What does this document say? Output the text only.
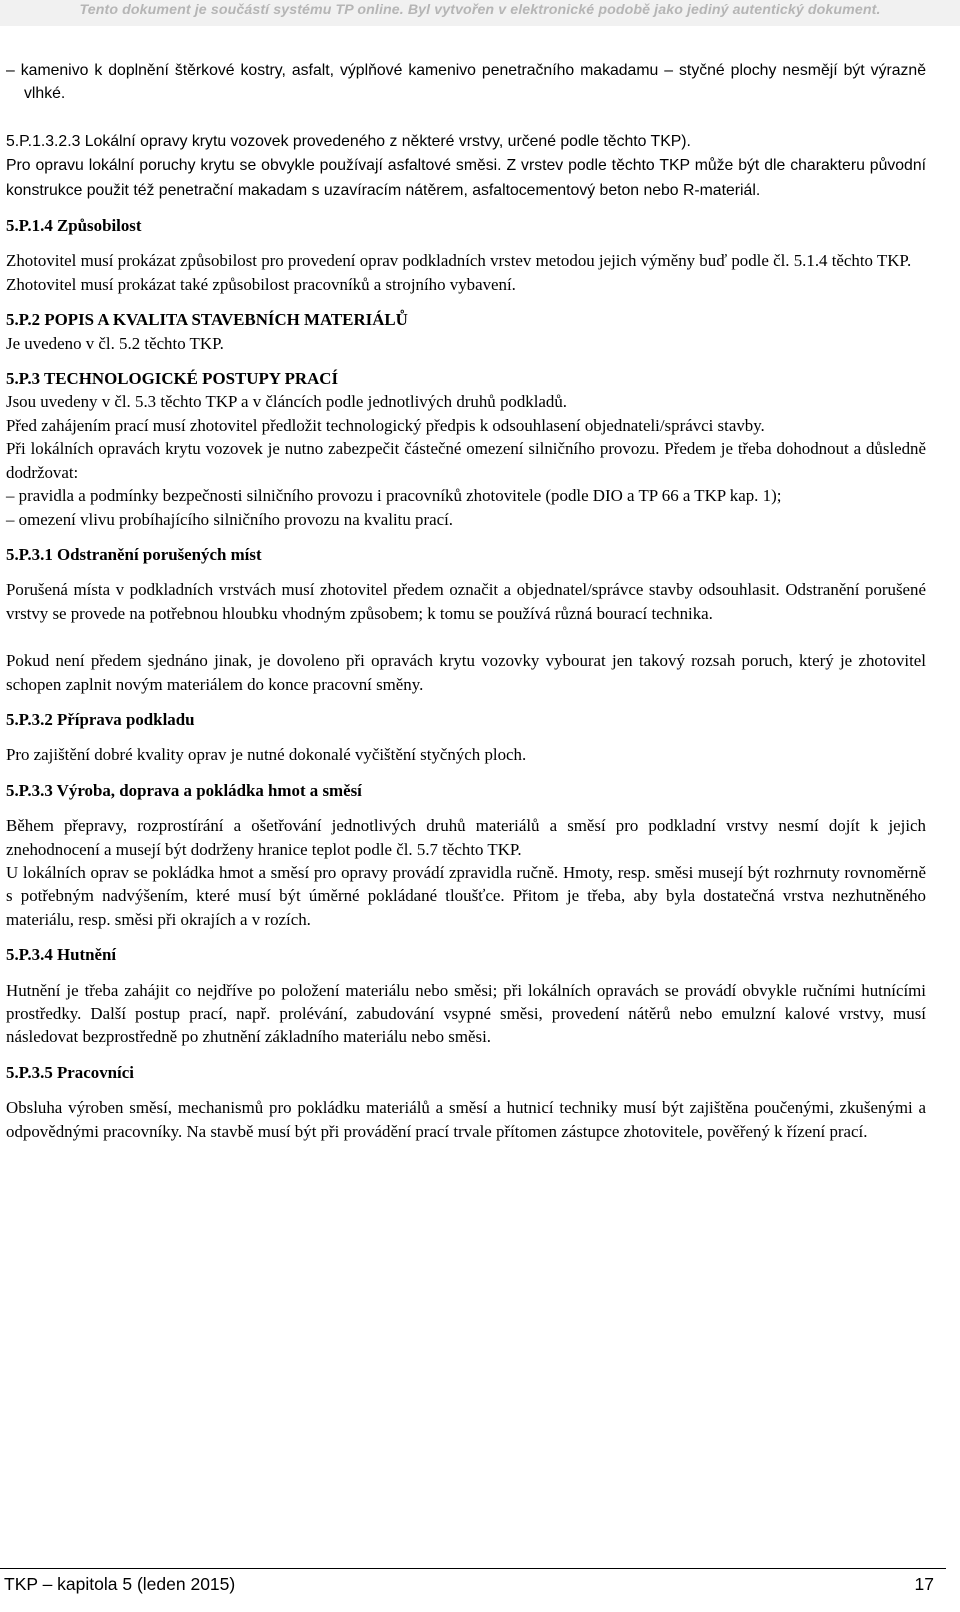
Tento dokument je součástí systému TP online. Byl vytvořen v elektronické podobě jako jediný autentický dokument.

– kamenivo k doplnění štěrkové kostry, asfalt, výplňové kamenivo penetračního makadamu – styčné plochy nesmějí být výrazně vlhké.

5.P.1.3.2.3 Lokální opravy krytu vozovek provedeného z některé vrstvy, určené podle těchto TKP).

Pro opravu lokální poruchy krytu se obvykle používají asfaltové směsi. Z vrstev podle těchto TKP může být dle charakteru původní konstrukce použit též penetrační makadam s uzavíracím nátěrem, asfaltocementový beton nebo R-materiál.

5.P.1.4 Způsobilost

Zhotovitel musí prokázat způsobilost pro provedení oprav podkladních vrstev metodou jejich výměny buď podle čl. 5.1.4 těchto TKP.

Zhotovitel musí prokázat také způsobilost pracovníků a strojního vybavení.

5.P.2 POPIS A KVALITA STAVEBNÍCH MATERIÁLŮ

Je uvedeno v čl. 5.2 těchto TKP.

5.P.3 TECHNOLOGICKÉ POSTUPY PRACÍ

Jsou uvedeny v čl. 5.3 těchto TKP a v článcích podle jednotlivých druhů podkladů.

Před zahájením prací musí zhotovitel předložit technologický předpis k odsouhlasení objednateli/správci stavby.

Při lokálních opravách krytu vozovek je nutno zabezpečit částečné omezení silničního provozu. Předem je třeba dohodnout a důsledně dodržovat:

– pravidla a podmínky bezpečnosti silničního provozu i pracovníků zhotovitele (podle DIO a TP 66 a TKP kap. 1);

– omezení vlivu probíhajícího silničního provozu na kvalitu prací.

5.P.3.1 Odstranění porušených míst

Porušená místa v podkladních vrstvách musí zhotovitel předem označit a objednatel/správce stavby odsouhlasit. Odstranění porušené vrstvy se provede na potřebnou hloubku vhodným způsobem; k tomu se používá různá bourací technika.

Pokud není předem sjednáno jinak, je dovoleno při opravách krytu vozovky vybourat jen takový rozsah poruch, který je zhotovitel schopen zaplnit novým materiálem do konce pracovní směny.

5.P.3.2 Příprava podkladu

Pro zajištění dobré kvality oprav je nutné dokonalé vyčištění styčných ploch.

5.P.3.3 Výroba, doprava a pokládka hmot a směsí

Během přepravy, rozprostírání a ošetřování jednotlivých druhů materiálů a směsí pro podkladní vrstvy nesmí dojít k jejich znehodnocení a musejí být dodrženy hranice teplot podle čl. 5.7 těchto TKP.

U lokálních oprav se pokládka hmot a směsí pro opravy provádí zpravidla ručně. Hmoty, resp. směsi musejí být rozhrnuty rovnoměrně s potřebným nadvýšením, které musí být úměrné pokládané tloušťce. Přitom je třeba, aby byla dostatečná vrstva nezhutněného materiálu, resp. směsi při okrajích a v rozích.

5.P.3.4 Hutnění

Hutnění je třeba zahájit co nejdříve po položení materiálu nebo směsi; při lokálních opravách se provádí obvykle ručními hutnícími prostředky. Další postup prací, např. prolévání, zabudování vsypné směsi, provedení nátěrů nebo emulzní kalové vrstvy, musí následovat bezprostředně po zhutnění základního materiálu nebo směsi.

5.P.3.5 Pracovníci

Obsluha výroben směsí, mechanismů pro pokládku materiálů a směsí a hutnicí techniky musí být zajištěna poučenými, zkušenými a odpovědnými pracovníky. Na stavbě musí být při provádění prací trvale přítomen zástupce zhotovitele, pověřený k řízení prací.

TKP – kapitola 5 (leden 2015)	17
